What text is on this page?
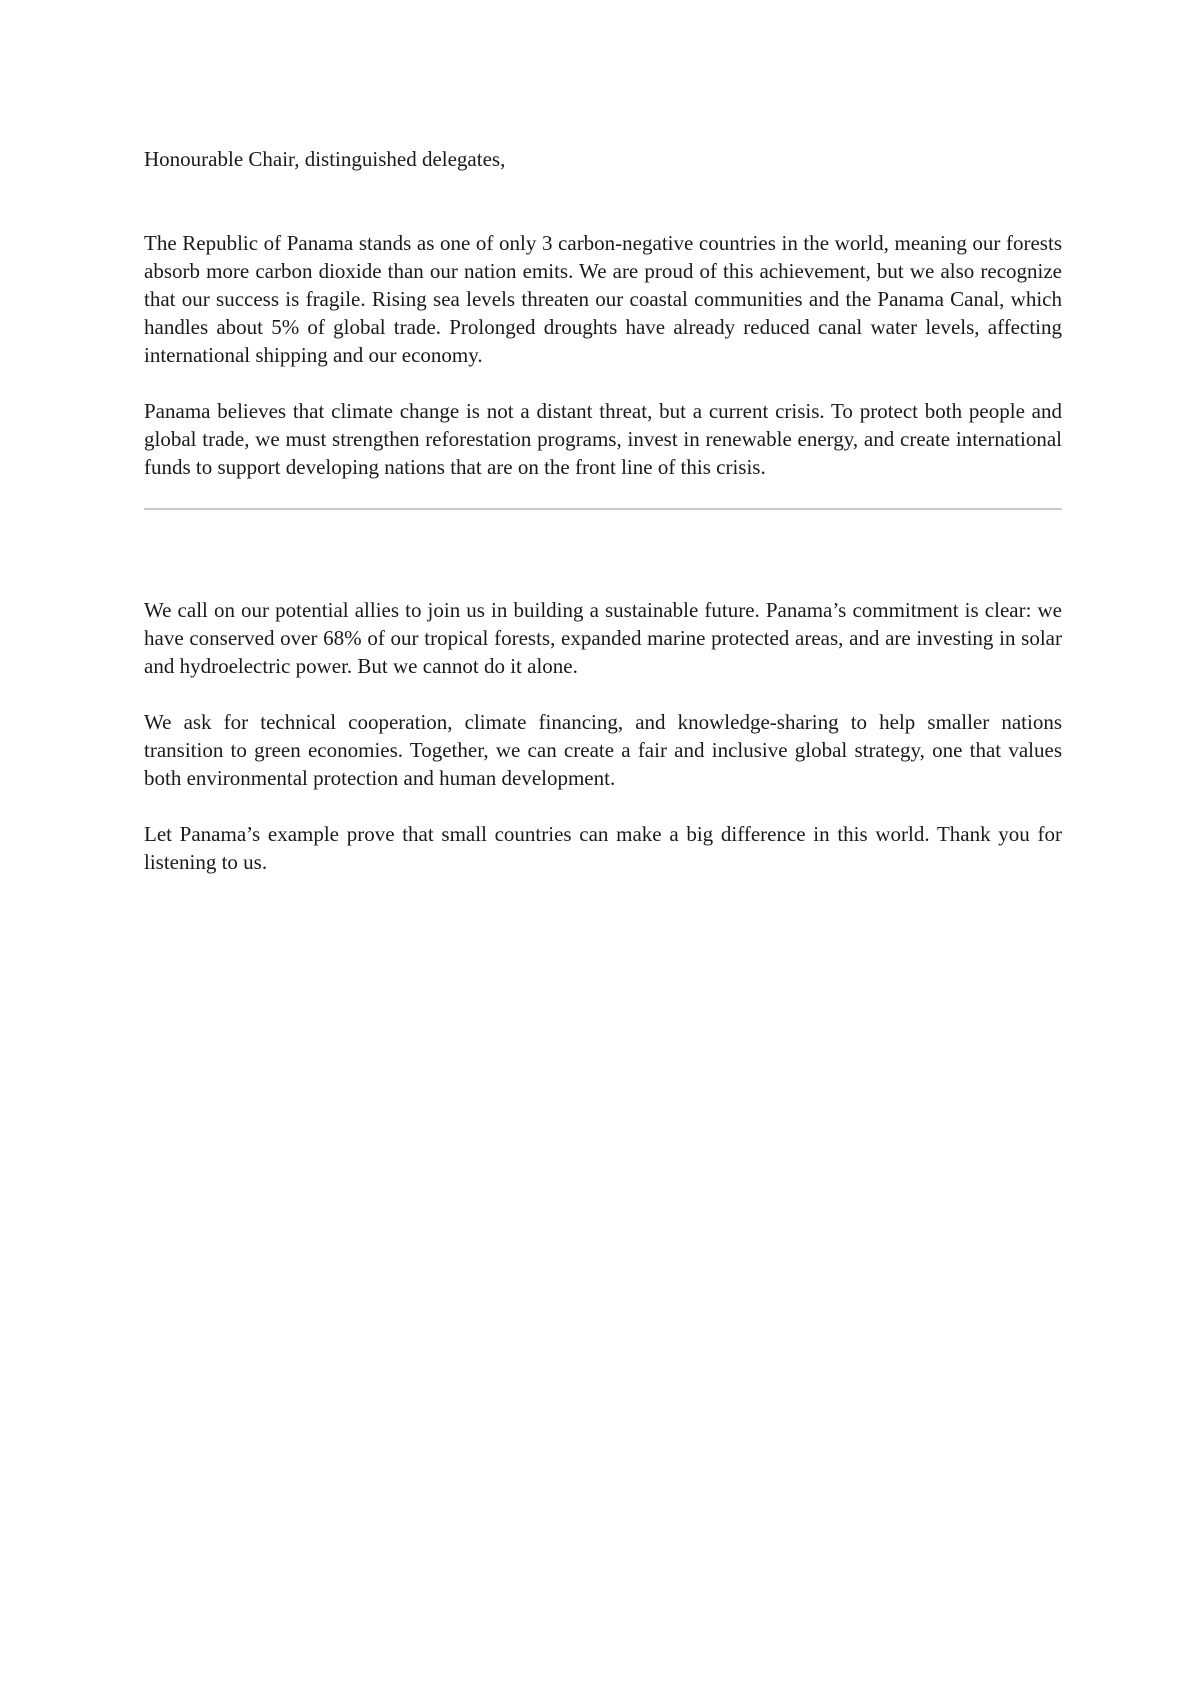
Honourable Chair, distinguished delegates,

The Republic of Panama stands as one of only 3 carbon-negative countries in the world, meaning our forests absorb more carbon dioxide than our nation emits. We are proud of this achievement, but we also recognize that our success is fragile. Rising sea levels threaten our coastal communities and the Panama Canal, which handles about 5% of global trade. Prolonged droughts have already reduced canal water levels, affecting international shipping and our economy.

Panama believes that climate change is not a distant threat, but a current crisis. To protect both people and global trade, we must strengthen reforestation programs, invest in renewable energy, and create international funds to support developing nations that are on the front line of this crisis.

We call on our potential allies to join us in building a sustainable future. Panama’s commitment is clear: we have conserved over 68% of our tropical forests, expanded marine protected areas, and are investing in solar and hydroelectric power. But we cannot do it alone.

We ask for technical cooperation, climate financing, and knowledge-sharing to help smaller nations transition to green economies. Together, we can create a fair and inclusive global strategy, one that values both environmental protection and human development.

Let Panama’s example prove that small countries can make a big difference in this world. Thank you for listening to us.
